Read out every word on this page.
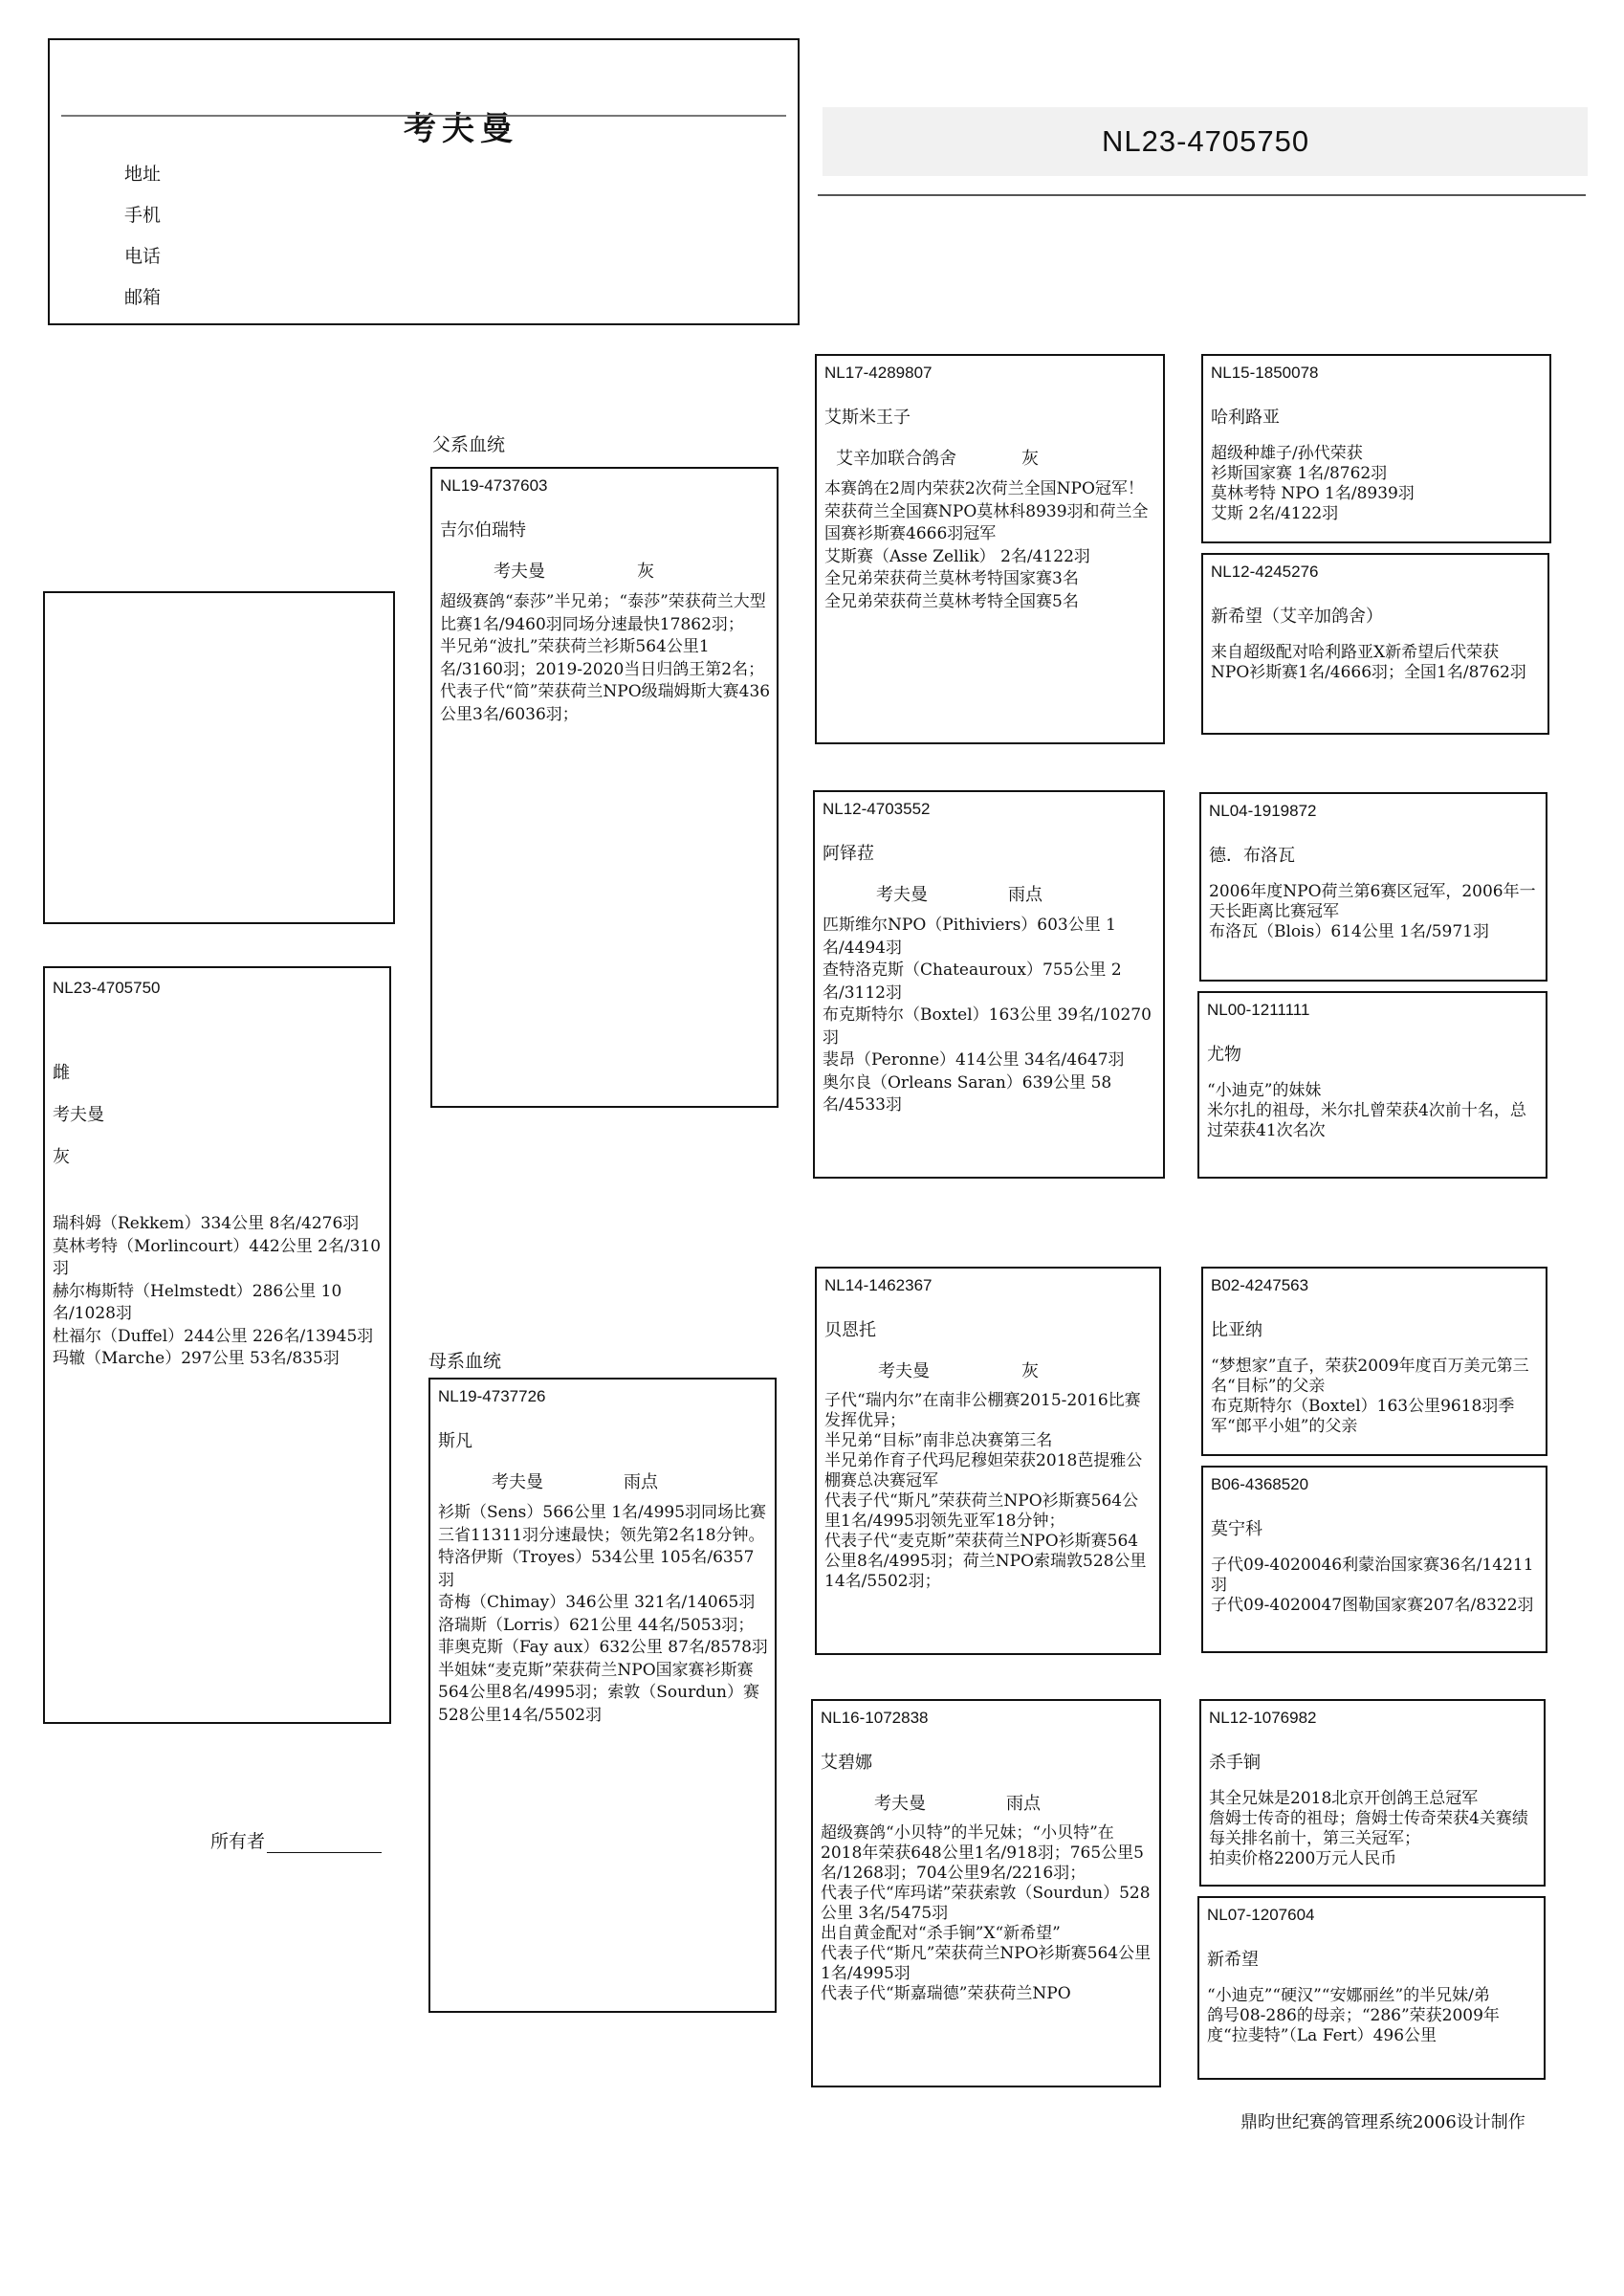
考夫曼
地址
手机
电话
邮箱
NL23-4705750
NL23-4705750
雌
考夫曼
灰
瑞科姆（Rekkem）334公里 8名/4276羽
莫林考特（Morlincourt）442公里 2名/310羽
赫尔梅斯特（Helmstedt）286公里 10名/1028羽
杜福尔（Duffel）244公里 226名/13945羽
玛辙（Marche）297公里 53名/835羽
所有者
父系血统
母系血统
NL19-4737603
吉尔伯瑞特
考夫曼	灰
超级赛鸽“泰莎”半兄弟；“泰莎”荣获荷兰大型比赛1名/9460羽同场分速最快17862羽；
半兄弟“波扎”荣获荷兰衫斯564公里1名/3160羽；2019-2020当日归鸽王第2名；
代表子代“简”荣获荷兰NPO级瑞姆斯大赛436公里3名/6036羽；
NL19-4737726
斯凡
考夫曼	雨点
衫斯（Sens）566公里 1名/4995羽同场比赛三省11311羽分速最快；领先第2名18分钟。
特洛伊斯（Troyes）534公里 105名/6357羽
奇梅（Chimay）346公里 321名/14065羽
洛瑞斯（Lorris）621公里 44名/5053羽；
菲奥克斯（Fay aux）632公里 87名/8578羽
半姐妹“麦克斯”荣获荷兰NPO国家赛衫斯赛564公里8名/4995羽；索敦（Sourdun）赛528公里14名/5502羽
NL17-4289807
艾斯米王子
艾辛加联合鸽舍	灰
本赛鸽在2周内荣获2次荷兰全国NPO冠军！
荣获荷兰全国赛NPO莫林科8939羽和荷兰全国赛衫斯赛4666羽冠军
艾斯赛（Asse Zellik） 2名/4122羽
全兄弟荣获荷兰莫林考特国家赛3名
全兄弟荣获荷兰莫林考特全国赛5名
NL12-4703552
阿铎菈
考夫曼	雨点
匹斯维尔NPO（Pithiviers）603公里 1名/4494羽
查特洛克斯（Chateauroux）755公里 2名/3112羽
布克斯特尔（Boxtel）163公里 39名/10270羽
裴昂（Peronne）414公里 34名/4647羽
奥尔良（Orleans Saran）639公里 58名/4533羽
NL14-1462367
贝恩托
考夫曼	灰
子代“瑞内尔”在南非公棚赛2015-2016比赛发挥优异；
半兄弟“目标”南非总决赛第三名
半兄弟作育子代玛尼穆妲荣获2018芭提雅公棚赛总决赛冠军
代表子代“斯凡”荣获荷兰NPO衫斯赛564公里1名/4995羽领先亚军18分钟；
代表子代“麦克斯”荣获荷兰NPO衫斯赛564公里8名/4995羽；荷兰NPO索瑞敦528公里14名/5502羽；
NL16-1072838
艾碧娜
考夫曼	雨点
超级赛鸽“小贝特”的半兄妹；“小贝特”在2018年荣获648公里1名/918羽；765公里5名/1268羽；704公里9名/2216羽；
代表子代“库玛诺”荣获索敦（Sourdun）528公里 3名/5475羽
出自黄金配对“杀手锏”X“新希望”
代表子代“斯凡”荣获荷兰NPO衫斯赛564公里 1名/4995羽
代表子代“斯嘉瑞德”荣获荷兰NPO
NL15-1850078
哈利路亚
超级种雄子/孙代荣获
衫斯国家赛 1名/8762羽
莫林考特 NPO 1名/8939羽
艾斯 2名/4122羽
NL12-4245276
新希望（艾辛加鸽舍）
来自超级配对哈利路亚X新希望后代荣获
NPO衫斯赛1名/4666羽；全国1名/8762羽
NL04-1919872
德．布洛瓦
2006年度NPO荷兰第6赛区冠军，2006年一天长距离比赛冠军
布洛瓦（Blois）614公里 1名/5971羽
NL00-1211111
尤物
“小迪克”的妹妹
米尔扎的祖母，米尔扎曾荣获4次前十名，总过荣获41次名次
B02-4247563
比亚纳
“梦想家”直子，荣获2009年度百万美元第三名“目标”的父亲
布克斯特尔（Boxtel）163公里9618羽季军“郎平小姐”的父亲
B06-4368520
莫宁科
子代09-4020046利蒙治国家赛36名/14211羽
子代09-4020047图勒国家赛207名/8322羽
NL12-1076982
杀手锏
其全兄妹是2018北京开创鸽王总冠军
詹姆士传奇的祖母；詹姆士传奇荣获4关赛绩每关排名前十，第三关冠军；
拍卖价格2200万元人民币
NL07-1207604
新希望
“小迪克”“硬汉”“安娜丽丝”的半兄妹/弟
鸽号08-286的母亲；“286”荣获2009年度“拉斐特”（La Fert）496公里
鼎昀世纪赛鸽管理系统2006设计制作
